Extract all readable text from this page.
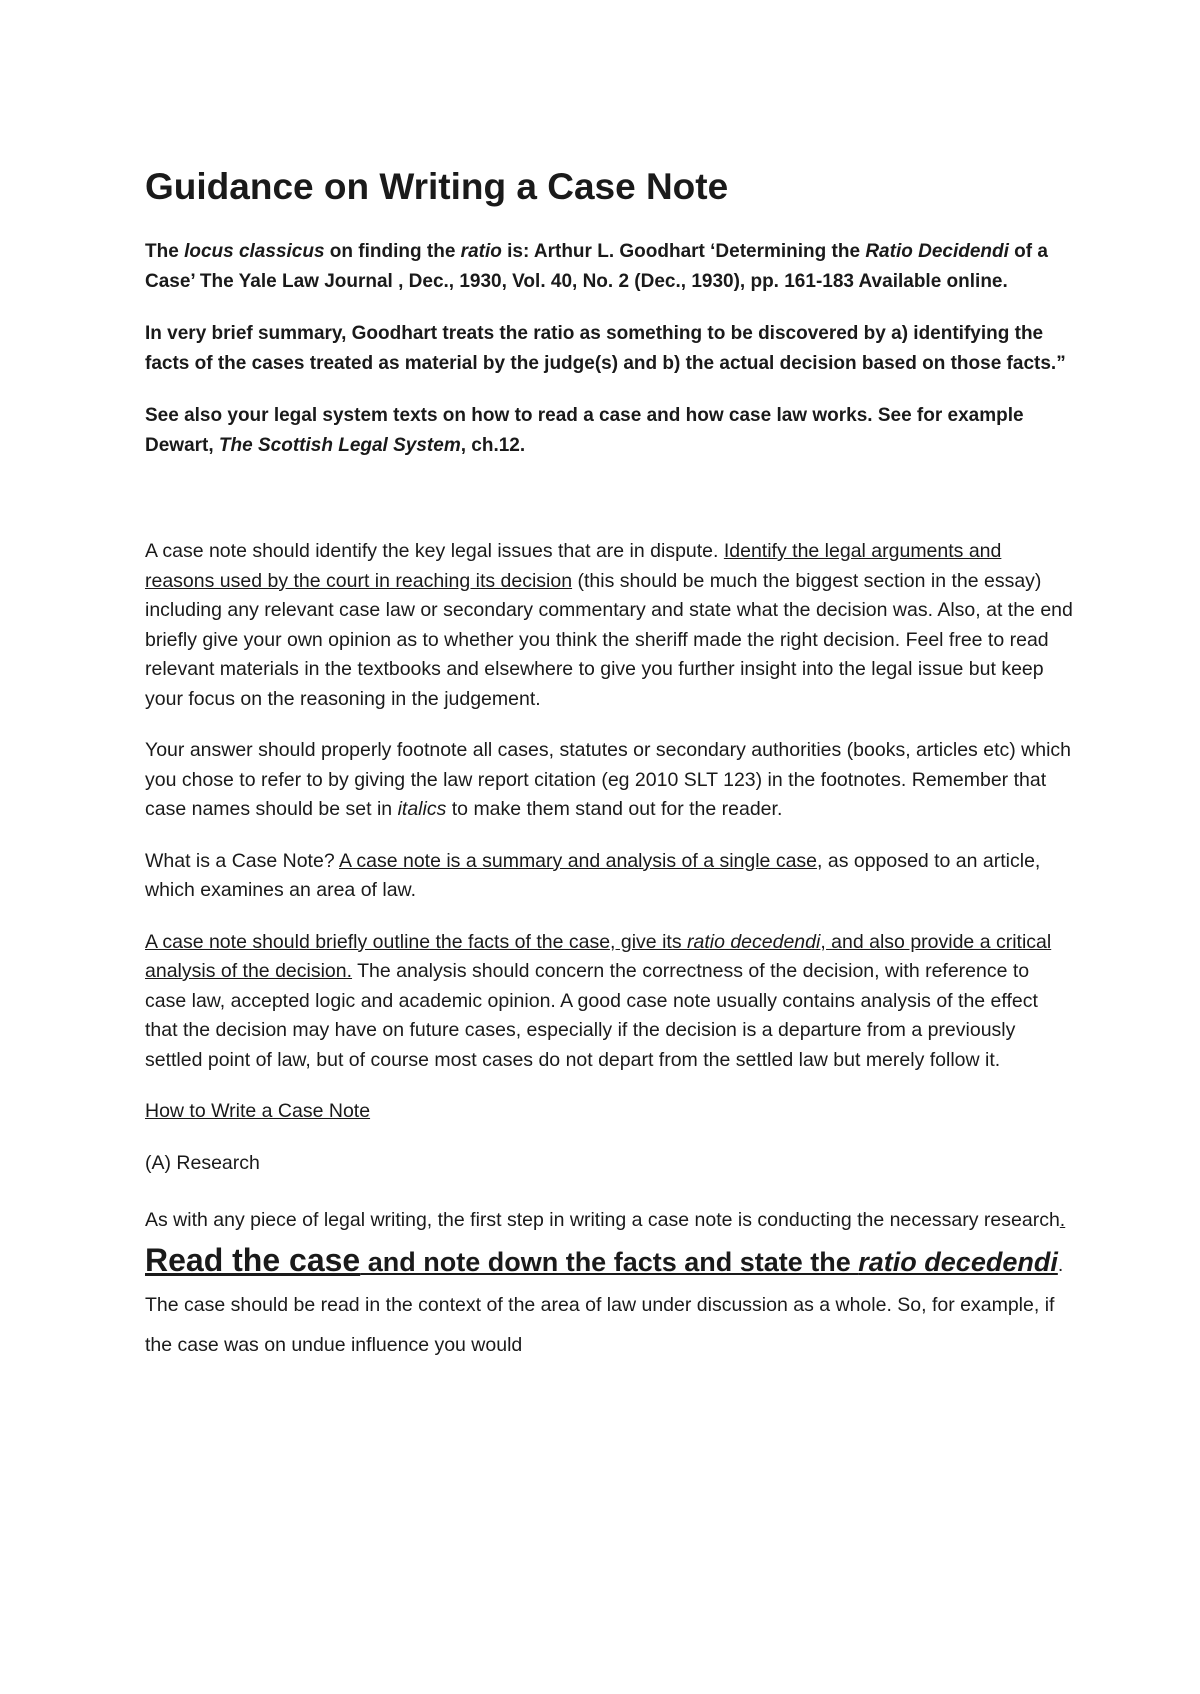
Guidance on Writing a Case Note

The locus classicus on finding the ratio is: Arthur L. Goodhart ‘Determining the Ratio Decidendi of a Case’ The Yale Law Journal , Dec., 1930, Vol. 40, No. 2 (Dec., 1930), pp. 161-183 Available online.

In very brief summary, Goodhart treats the ratio as something to be discovered by a) identifying the facts of the cases treated as material by the judge(s) and b) the actual decision based on those facts.”

See also your legal system texts on how to read a case and how case law works. See for example Dewart, The Scottish Legal System, ch.12.

A case note should identify the key legal issues that are in dispute. Identify the legal arguments and reasons used by the court in reaching its decision (this should be much the biggest section in the essay) including any relevant case law or secondary commentary and state what the decision was. Also, at the end briefly give your own opinion as to whether you think the sheriff made the right decision. Feel free to read relevant materials in the textbooks and elsewhere to give you further insight into the legal issue but keep your focus on the reasoning in the judgement.

Your answer should properly footnote all cases, statutes or secondary authorities (books, articles etc) which you chose to refer to by giving the law report citation (eg 2010 SLT 123) in the footnotes. Remember that case names should be set in italics to make them stand out for the reader.

What is a Case Note? A case note is a summary and analysis of a single case, as opposed to an article, which examines an area of law.

A case note should briefly outline the facts of the case, give its ratio decedendi, and also provide a critical analysis of the decision. The analysis should concern the correctness of the decision, with reference to case law, accepted logic and academic opinion. A good case note usually contains analysis of the effect that the decision may have on future cases, especially if the decision is a departure from a previously settled point of law, but of course most cases do not depart from the settled law but merely follow it.

How to Write a Case Note

(A) Research

As with any piece of legal writing, the first step in writing a case note is conducting the necessary research. Read the case and note down the facts and state the ratio decedendi. The case should be read in the context of the area of law under discussion as a whole. So, for example, if the case was on undue influence you would
